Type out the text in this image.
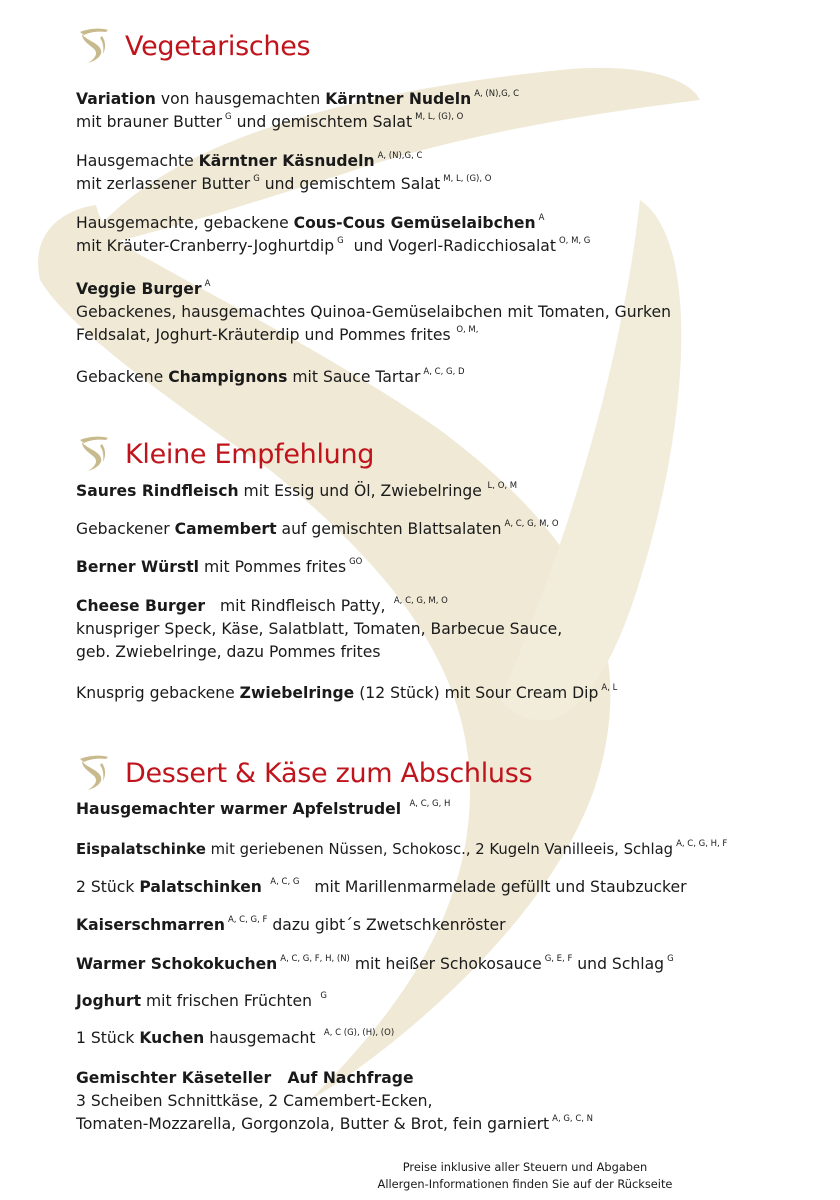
Vegetarisches
Variation von hausgemachten Kärntner Nudeln $^{A, (N),G, C}$
mit brauner Butter $^G$ und gemischtem Salat $^{M, L, (G), O}$
Hausgemachte Kärntner Käsnudeln $^{A, (N),G, C}$
mit zerlassener Butter $^G$ und gemischtem Salat $^{M, L, (G), O}$
Hausgemachte, gebackene Cous-Cous Gemüselaibchen $^A$
mit Kräuter-Cranberry-Joghurtdip $^G$  und Vogerl-Radicchiosalat $^{O, M, G}$
Veggie Burger $^A$
Gebackenes, hausgemachtes Quinoa-Gemüselaibchen mit Tomaten, Gurken
Feldsalat, Joghurt-Kräuterdip und Pommes frites $^{O, M,}$
Gebackene Champignons mit Sauce Tartar $^{A, C, G, D}$
Kleine Empfehlung
Saures Rindfleisch mit Essig und Öl, Zwiebelringe $^{L, O, M}$
Gebackener Camembert auf gemischten Blattsalaten $^{A, C, G, M, O}$
Berner Würstl mit Pommes frites $^{GO}$
Cheese Burger   mit Rindfleisch Patty,  $^{A, C, G, M, O}$
knuspriger Speck, Käse, Salatblatt, Tomaten, Barbecue Sauce,
geb. Zwiebelringe, dazu Pommes frites
Knusprig gebackene Zwiebelringe (12 Stück) mit Sour Cream Dip $^{A, L}$
Dessert & Käse zum Abschluss
Hausgemachter warmer Apfelstrudel  $^{A, C, G, H}$
Eispalatschinke mit geriebenen Nüssen, Schokosc., 2 Kugeln Vanilleeis, Schlag $^{A, C, G, H, F}$
2 Stück Palatschinken  $^{A, C, G}$   mit Marillenmarmelade gefüllt und Staubzucker
Kaiserschmarren $^{A, C, G, F}$ dazu gibt´s Zwetschkenröster
Warmer Schokokuchen $^{A, C, G, F, H, (N)}$ mit heißer Schokosauce $^{G, E, F}$ und Schlag $^G$
Joghurt mit frischen Früchten  $^G$
1 Stück Kuchen hausgemacht  $^{A, C (G), (H), (O)}$
Gemischter Käseteller   Auf Nachfrage
3 Scheiben Schnittkäse, 2 Camembert-Ecken,
Tomaten-Mozzarella, Gorgonzola, Butter & Brot, fein garniert $^{A, G, C, N}$
Preise inklusive aller Steuern und Abgaben
Allergen-Informationen finden Sie auf der Rückseite
